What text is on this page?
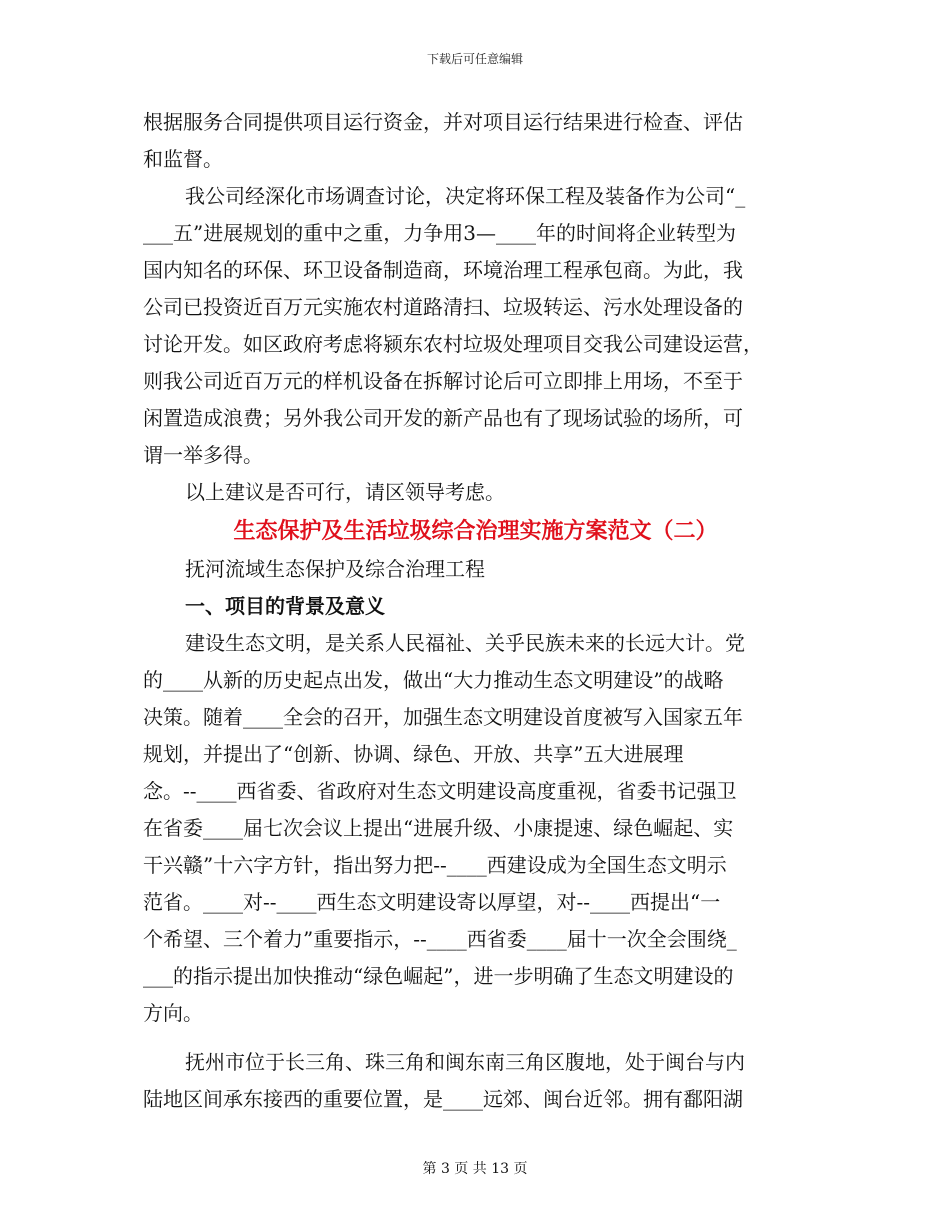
下载后可任意编辑
根据服务合同提供项目运行资金，并对项目运行结果进行检查、评估
和监督。
我公司经深化市场调查讨论，决定将环保工程及装备作为公司“_
___五”进展规划的重中之重，力争用3—____年的时间将企业转型为
国内知名的环保、环卫设备制造商，环境治理工程承包商。为此，我
公司已投资近百万元实施农村道路清扫、垃圾转运、污水处理设备的
讨论开发。如区政府考虑将颍东农村垃圾处理项目交我公司建设运营，
则我公司近百万元的样机设备在拆解讨论后可立即排上用场，不至于
闲置造成浪费；另外我公司开发的新产品也有了现场试验的场所，可
谓一举多得。
以上建议是否可行，请区领导考虑。
生态保护及生活垃圾综合治理实施方案范文（二）
抚河流域生态保护及综合治理工程
一、项目的背景及意义
建设生态文明，是关系人民福祉、关乎民族未来的长远大计。党
的____从新的历史起点出发，做出“大力推动生态文明建设”的战略
决策。随着____全会的召开，加强生态文明建设首度被写入国家五年
规划，并提出了“创新、协调、绿色、开放、共享”五大进展理
念。--____西省委、省政府对生态文明建设高度重视，省委书记强卫
在省委____届七次会议上提出“进展升级、小康提速、绿色崛起、实
干兴赣”十六字方针，指出努力把--____西建设成为全国生态文明示
范省。____对--____西生态文明建设寄以厚望，对--____西提出“一
个希望、三个着力”重要指示，--____西省委____届十一次全会围绕_
___的指示提出加快推动“绿色崛起”，进一步明确了生态文明建设的
方向。
抚州市位于长三角、珠三角和闽东南三角区腹地，处于闽台与内
陆地区间承东接西的重要位置，是____远郊、闽台近邻。拥有鄱阳湖
第 3 页 共 13 页
